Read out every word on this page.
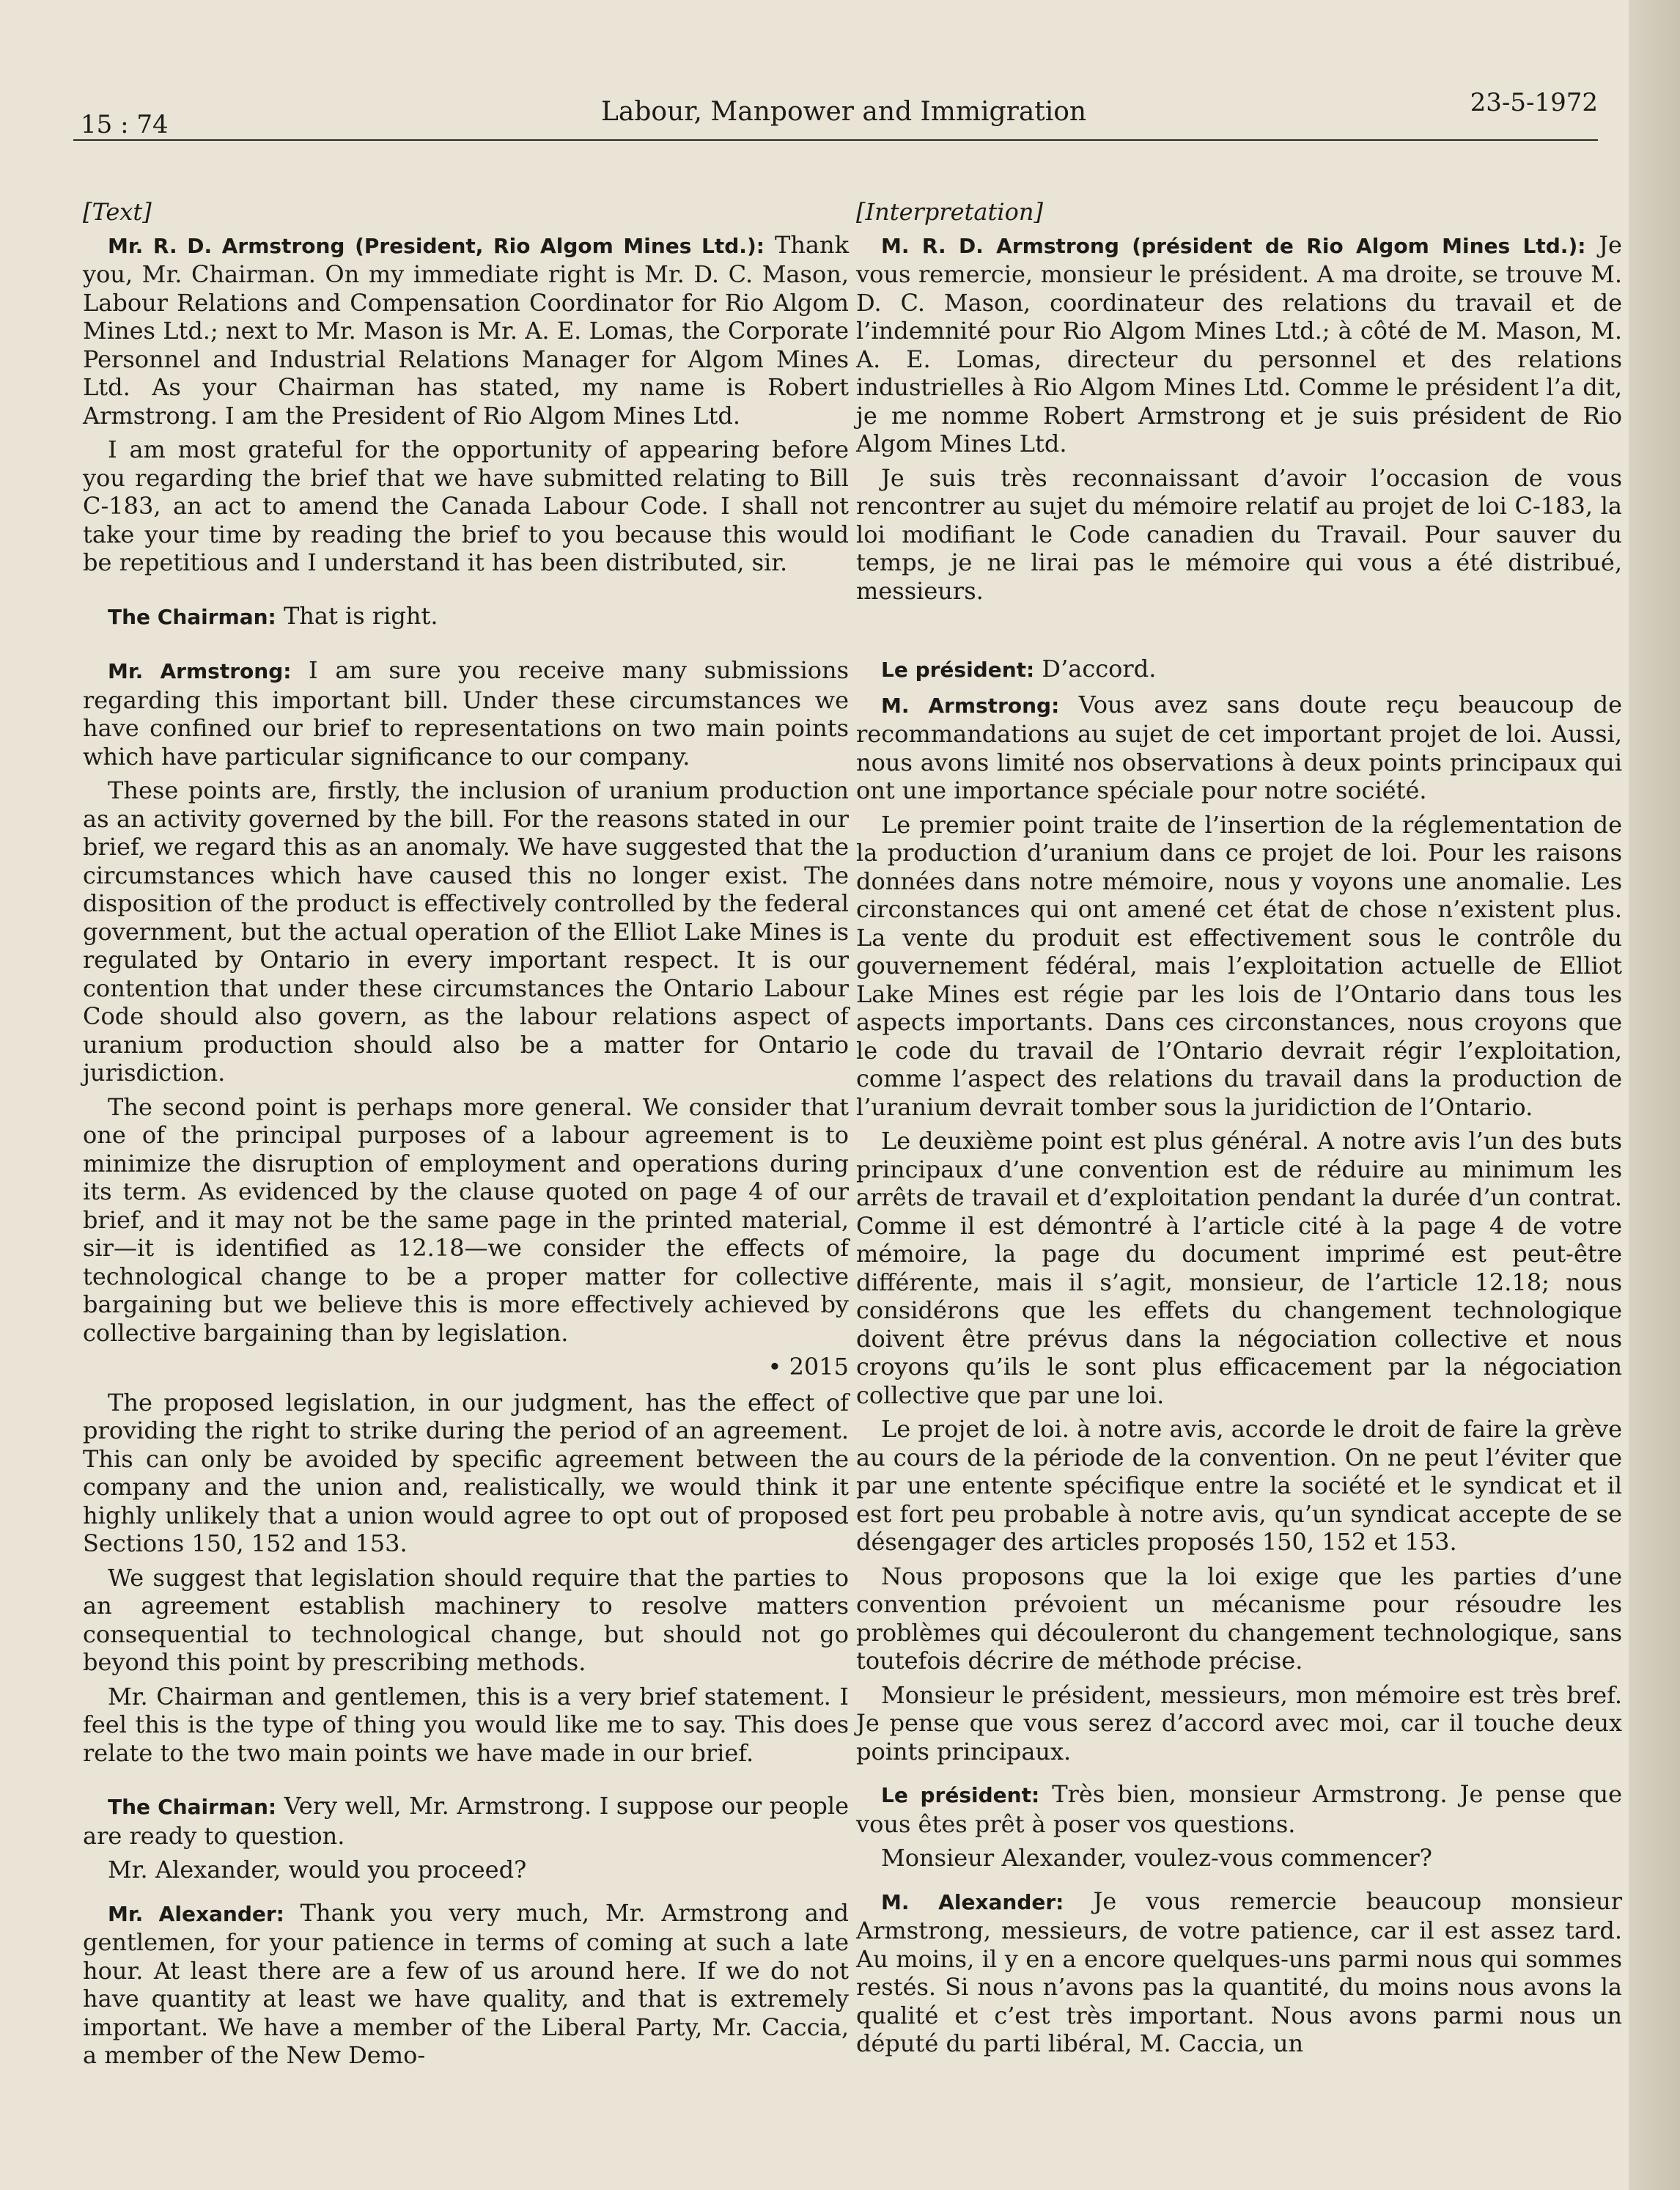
15 : 74	Labour, Manpower and Immigration	23-5-1972
[Text]

Mr. R. D. Armstrong (President, Rio Algom Mines Ltd.): Thank you, Mr. Chairman. On my immediate right is Mr. D. C. Mason, Labour Relations and Compensation Coordinator for Rio Algom Mines Ltd.; next to Mr. Mason is Mr. A. E. Lomas, the Corporate Personnel and Industrial Relations Manager for Algom Mines Ltd. As your Chairman has stated, my name is Robert Armstrong. I am the President of Rio Algom Mines Ltd.

I am most grateful for the opportunity of appearing before you regarding the brief that we have submitted relating to Bill C-183, an act to amend the Canada Labour Code. I shall not take your time by reading the brief to you because this would be repetitious and I understand it has been distributed, sir.

The Chairman: That is right.

Mr. Armstrong: I am sure you receive many submissions regarding this important bill. Under these circumstances we have confined our brief to representations on two main points which have particular significance to our company.

These points are, firstly, the inclusion of uranium production as an activity governed by the bill. For the reasons stated in our brief, we regard this as an anomaly. We have suggested that the circumstances which have caused this no longer exist. The disposition of the product is effectively controlled by the federal government, but the actual operation of the Elliot Lake Mines is regulated by Ontario in every important respect. It is our contention that under these circumstances the Ontario Labour Code should also govern, as the labour relations aspect of uranium production should also be a matter for Ontario jurisdiction.

The second point is perhaps more general. We consider that one of the principal purposes of a labour agreement is to minimize the disruption of employment and operations during its term. As evidenced by the clause quoted on page 4 of our brief, and it may not be the same page in the printed material, sir—it is identified as 12.18—we consider the effects of technological change to be a proper matter for collective bargaining but we believe this is more effectively achieved by collective bargaining than by legislation.

• 2015

The proposed legislation, in our judgment, has the effect of providing the right to strike during the period of an agreement. This can only be avoided by specific agreement between the company and the union and, realistically, we would think it highly unlikely that a union would agree to opt out of proposed Sections 150, 152 and 153.

We suggest that legislation should require that the parties to an agreement establish machinery to resolve matters consequential to technological change, but should not go beyond this point by prescribing methods.

Mr. Chairman and gentlemen, this is a very brief statement. I feel this is the type of thing you would like me to say. This does relate to the two main points we have made in our brief.

The Chairman: Very well, Mr. Armstrong. I suppose our people are ready to question.

Mr. Alexander, would you proceed?

Mr. Alexander: Thank you very much, Mr. Armstrong and gentlemen, for your patience in terms of coming at such a late hour. At least there are a few of us around here. If we do not have quantity at least we have quality, and that is extremely important. We have a member of the Liberal Party, Mr. Caccia, a member of the New Demo-

[Interpretation]

M. R. D. Armstrong (président de Rio Algom Mines Ltd.): Je vous remercie, monsieur le président. A ma droite, se trouve M. D. C. Mason, coordinateur des relations du travail et de l’indemnité pour Rio Algom Mines Ltd.; à côté de M. Mason, M. A. E. Lomas, directeur du personnel et des relations industrielles à Rio Algom Mines Ltd. Comme le président l’a dit, je me nomme Robert Armstrong et je suis président de Rio Algom Mines Ltd.

Je suis très reconnaissant d’avoir l’occasion de vous rencontrer au sujet du mémoire relatif au projet de loi C-183, la loi modifiant le Code canadien du Travail. Pour sauver du temps, je ne lirai pas le mémoire qui vous a été distribué, messieurs.

Le président: D’accord.

M. Armstrong: Vous avez sans doute reçu beaucoup de recommandations au sujet de cet important projet de loi. Aussi, nous avons limité nos observations à deux points principaux qui ont une importance spéciale pour notre société.

Le premier point traite de l’insertion de la réglementation de la production d’uranium dans ce projet de loi. Pour les raisons données dans notre mémoire, nous y voyons une anomalie. Les circonstances qui ont amené cet état de chose n’existent plus. La vente du produit est effectivement sous le contrôle du gouvernement fédéral, mais l’exploitation actuelle de Elliot Lake Mines est régie par les lois de l’Ontario dans tous les aspects importants. Dans ces circonstances, nous croyons que le code du travail de l’Ontario devrait régir l’exploitation, comme l’aspect des relations du travail dans la production de l’uranium devrait tomber sous la juridiction de l’Ontario.

Le deuxième point est plus général. A notre avis l’un des buts principaux d’une convention est de réduire au minimum les arrêts de travail et d’exploitation pendant la durée d’un contrat. Comme il est démontré à l’article cité à la page 4 de votre mémoire, la page du document imprimé est peut-être différente, mais il s’agit, monsieur, de l’article 12.18; nous considérons que les effets du changement technologique doivent être prévus dans la négociation collective et nous croyons qu’ils le sont plus efficacement par la négociation collective que par une loi.

Le projet de loi. à notre avis, accorde le droit de faire la grève au cours de la période de la convention. On ne peut l’éviter que par une entente spécifique entre la société et le syndicat et il est fort peu probable à notre avis, qu’un syndicat accepte de se désengager des articles proposés 150, 152 et 153.

Nous proposons que la loi exige que les parties d’une convention prévoient un mécanisme pour résoudre les problèmes qui découleront du changement technologique, sans toutefois décrire de méthode précise.

Monsieur le président, messieurs, mon mémoire est très bref. Je pense que vous serez d’accord avec moi, car il touche deux points principaux.

Le président: Très bien, monsieur Armstrong. Je pense que vous êtes prêt à poser vos questions.

Monsieur Alexander, voulez-vous commencer?

M. Alexander: Je vous remercie beaucoup monsieur Armstrong, messieurs, de votre patience, car il est assez tard. Au moins, il y en a encore quelques-uns parmi nous qui sommes restés. Si nous n’avons pas la quantité, du moins nous avons la qualité et c’est très important. Nous avons parmi nous un député du parti libéral, M. Caccia, un
